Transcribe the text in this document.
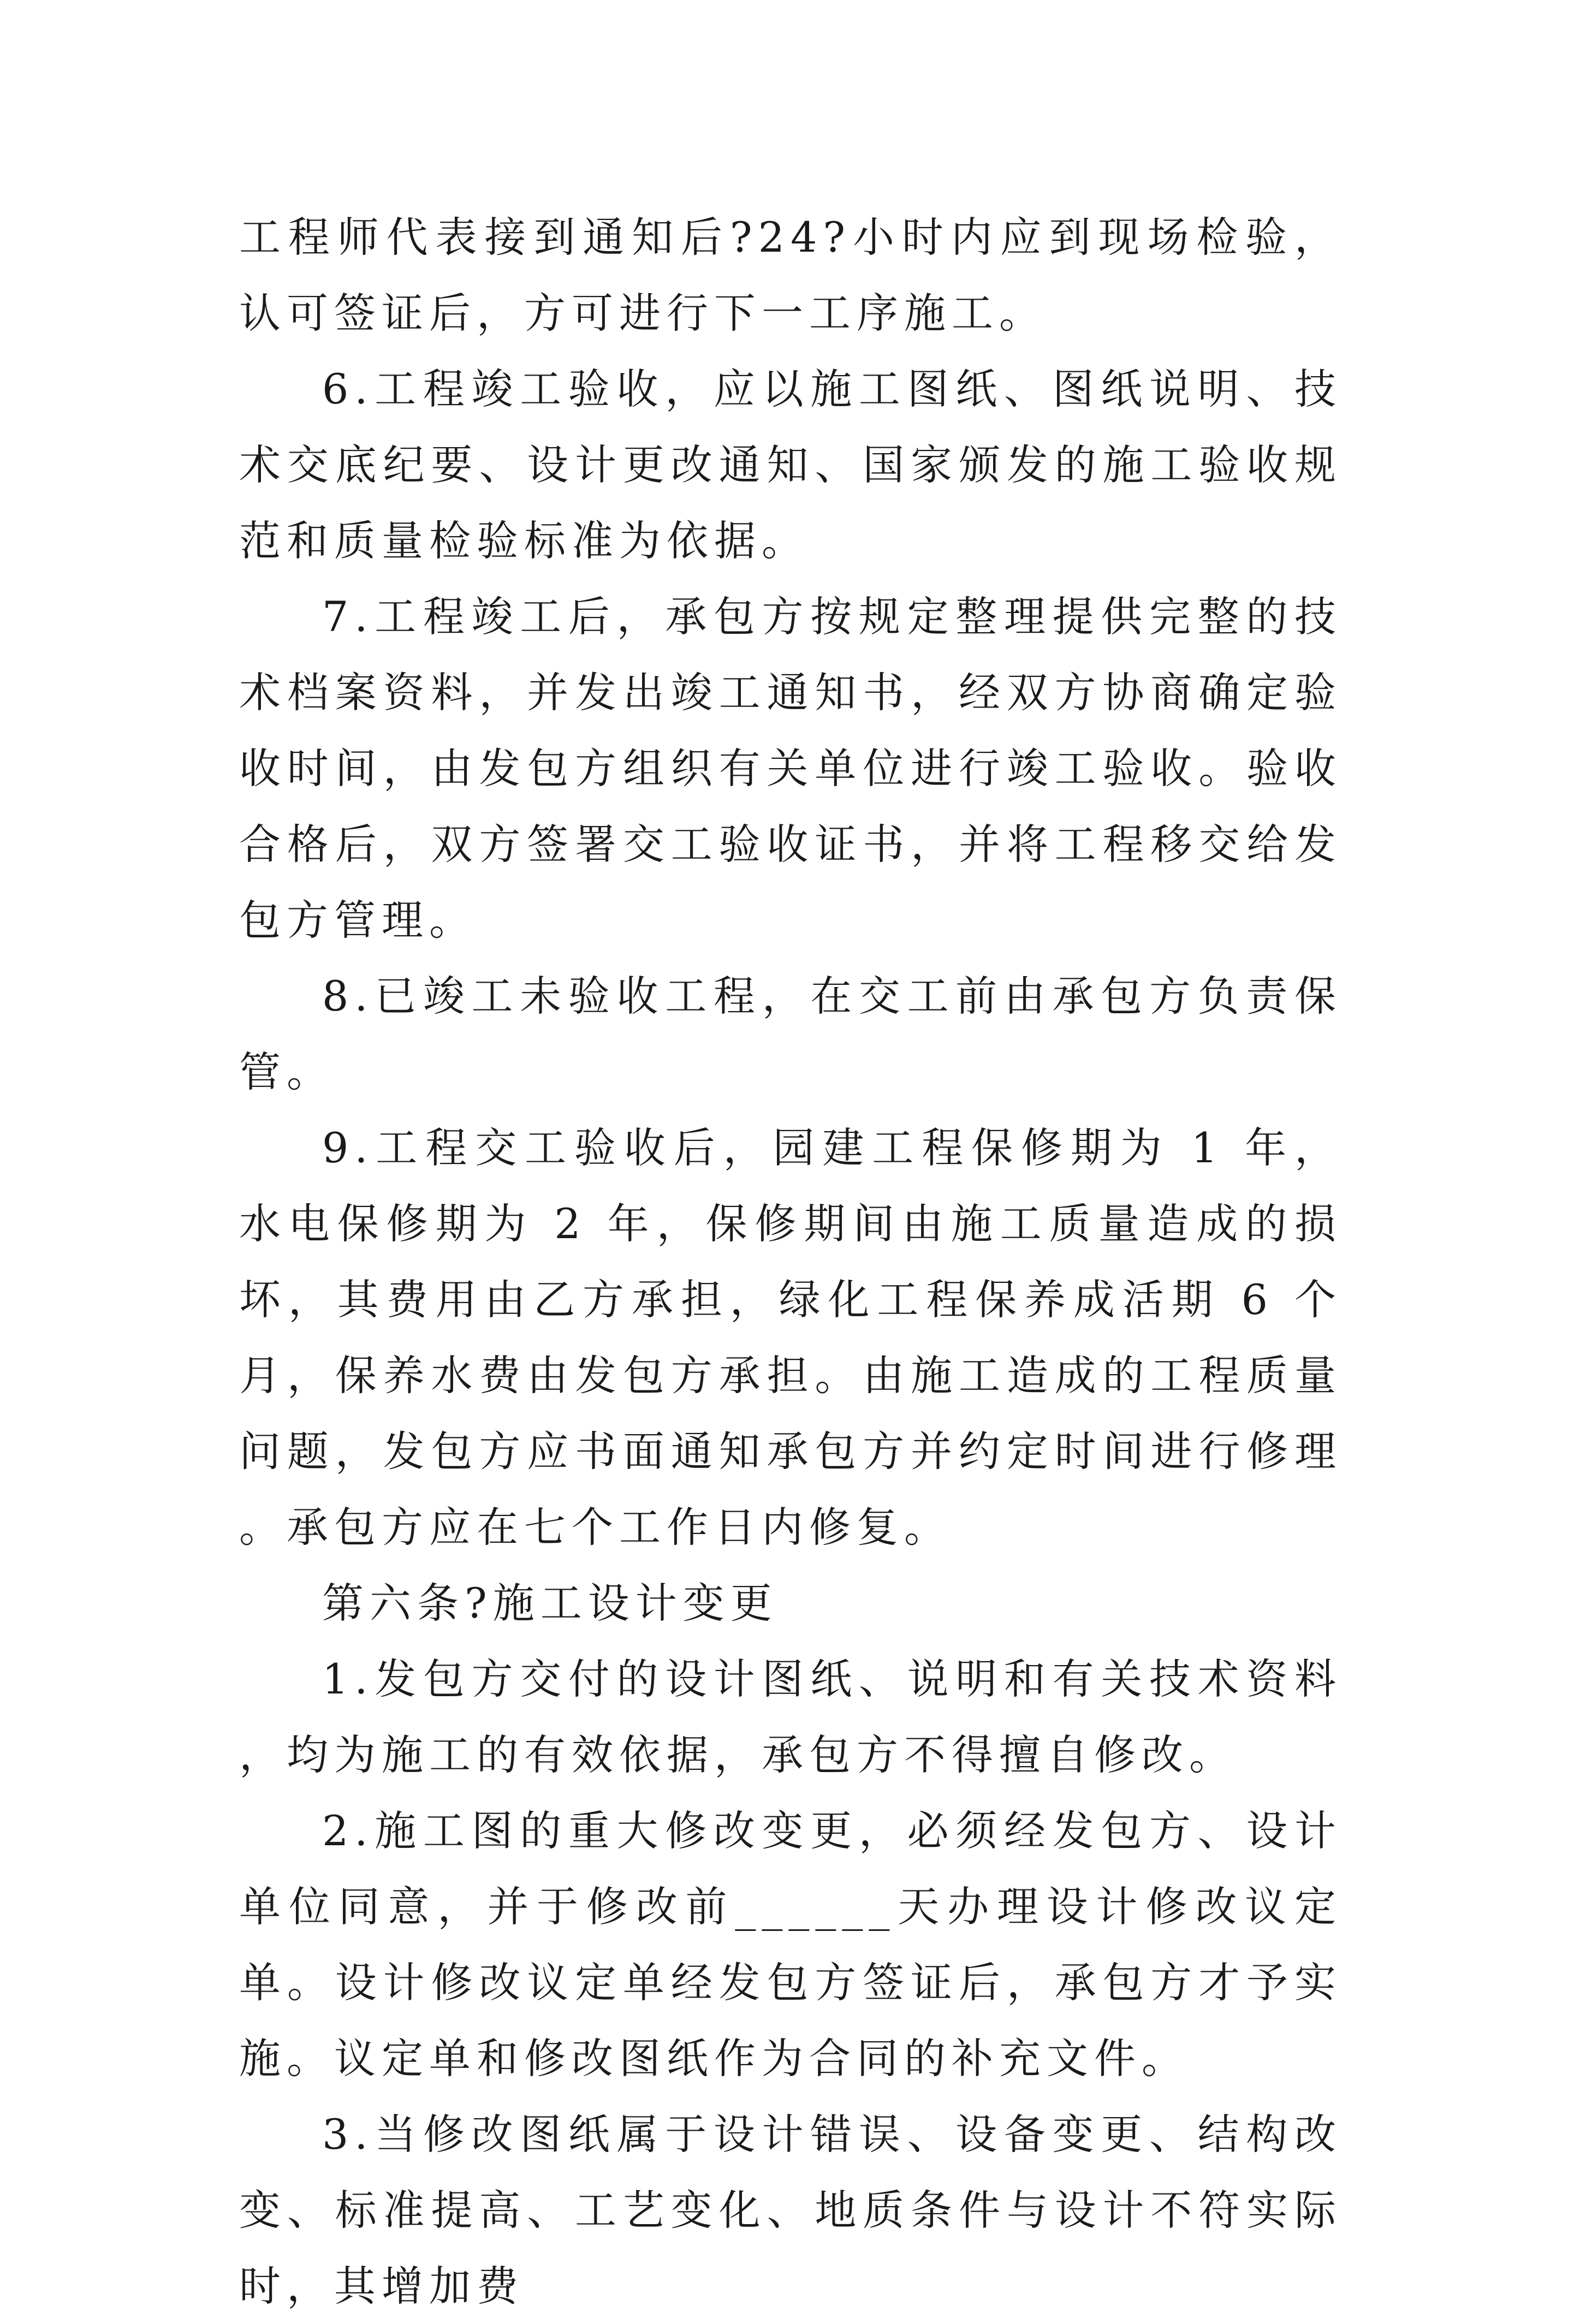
工程师代表接到通知后?24?小时内应到现场检验，认可签证后，方可进行下一工序施工。

6.工程竣工验收，应以施工图纸、图纸说明、技术交底纪要、设计更改通知、国家颁发的施工验收规范和质量检验标准为依据。

7.工程竣工后，承包方按规定整理提供完整的技术档案资料，并发出竣工通知书，经双方协商确定验收时间，由发包方组织有关单位进行竣工验收。验收合格后，双方签署交工验收证书，并将工程移交给发包方管理。

8.已竣工未验收工程，在交工前由承包方负责保管。

9.工程交工验收后，园建工程保修期为 1 年，水电保修期为 2 年，保修期间由施工质量造成的损坏，其费用由乙方承担，绿化工程保养成活期 6 个月，保养水费由发包方承担。由施工造成的工程质量问题，发包方应书面通知承包方并约定时间进行修理。承包方应在七个工作日内修复。

第六条?施工设计变更

1.发包方交付的设计图纸、说明和有关技术资料，均为施工的有效依据，承包方不得擅自修改。

2.施工图的重大修改变更，必须经发包方、设计单位同意，并于修改前______天办理设计修改议定单。设计修改议定单经发包方签证后，承包方才予实施。议定单和修改图纸作为合同的补充文件。

3.当修改图纸属于设计错误、设备变更、结构改变、标准提高、工艺变化、地质条件与设计不符实际时，其增加费
